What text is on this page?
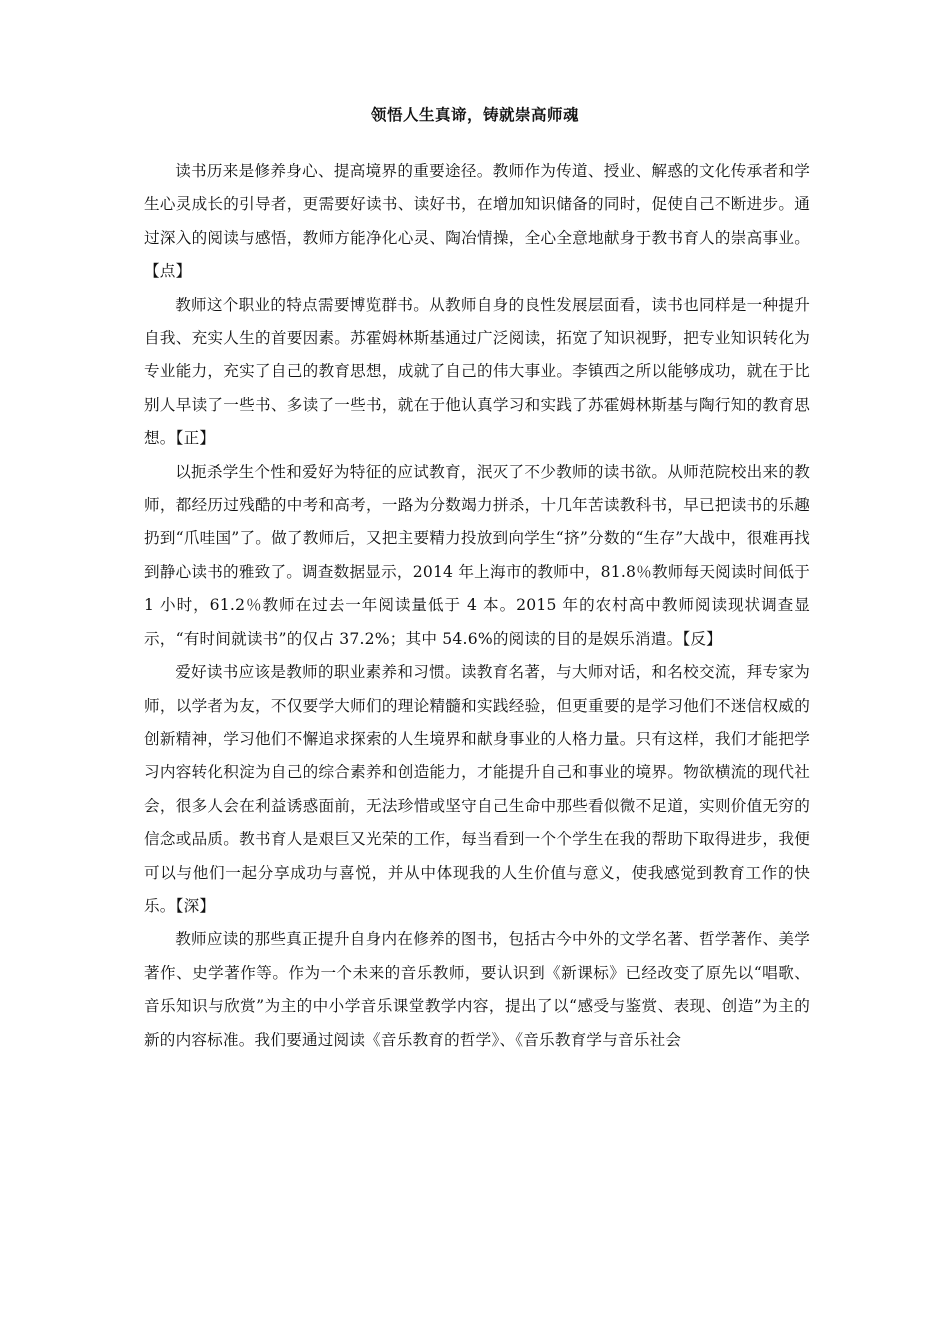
领悟人生真谛，铸就崇高师魂

读书历来是修养身心、提高境界的重要途径。教师作为传道、授业、解惑的文化传承者和学生心灵成长的引导者，更需要好读书、读好书，在增加知识储备的同时，促使自己不断进步。通过深入的阅读与感悟，教师方能净化心灵、陶冶情操，全心全意地献身于教书育人的崇高事业。【点】

教师这个职业的特点需要博览群书。从教师自身的良性发展层面看，读书也同样是一种提升自我、充实人生的首要因素。苏霍姆林斯基通过广泛阅读，拓宽了知识视野，把专业知识转化为专业能力，充实了自己的教育思想，成就了自己的伟大事业。李镇西之所以能够成功，就在于比别人早读了一些书、多读了一些书，就在于他认真学习和实践了苏霍姆林斯基与陶行知的教育思想。【正】

以扼杀学生个性和爱好为特征的应试教育，泯灭了不少教师的读书欲。从师范院校出来的教师，都经历过残酷的中考和高考，一路为分数竭力拼杀，十几年苦读教科书，早已把读书的乐趣扔到“爪哇国”了。做了教师后，又把主要精力投放到向学生“挤”分数的“生存”大战中，很难再找到静心读书的雅致了。调查数据显示，2014 年上海市的教师中，81.8％教师每天阅读时间低于 1 小时，61.2％教师在过去一年阅读量低于 4 本。2015 年的农村高中教师阅读现状调查显示，“有时间就读书”的仅占 37.2%；其中 54.6%的阅读的目的是娱乐消遣。【反】

爱好读书应该是教师的职业素养和习惯。读教育名著，与大师对话，和名校交流，拜专家为师，以学者为友，不仅要学大师们的理论精髓和实践经验，但更重要的是学习他们不迷信权威的创新精神，学习他们不懈追求探索的人生境界和献身事业的人格力量。只有这样，我们才能把学习内容转化积淀为自己的综合素养和创造能力，才能提升自己和事业的境界。物欲横流的现代社会，很多人会在利益诱惑面前，无法珍惜或坚守自己生命中那些看似微不足道，实则价值无穷的信念或品质。教书育人是艰巨又光荣的工作，每当看到一个个学生在我的帮助下取得进步，我便可以与他们一起分享成功与喜悦，并从中体现我的人生价值与意义，使我感觉到教育工作的快乐。【深】

教师应读的那些真正提升自身内在修养的图书，包括古今中外的文学名著、哲学著作、美学著作、史学著作等。作为一个未来的音乐教师，要认识到《新课标》已经改变了原先以“唱歌、音乐知识与欣赏”为主的中小学音乐课堂教学内容，提出了以“感受与鉴赏、表现、创造”为主的新的内容标准。我们要通过阅读《音乐教育的哲学》、《音乐教育学与音乐社会
